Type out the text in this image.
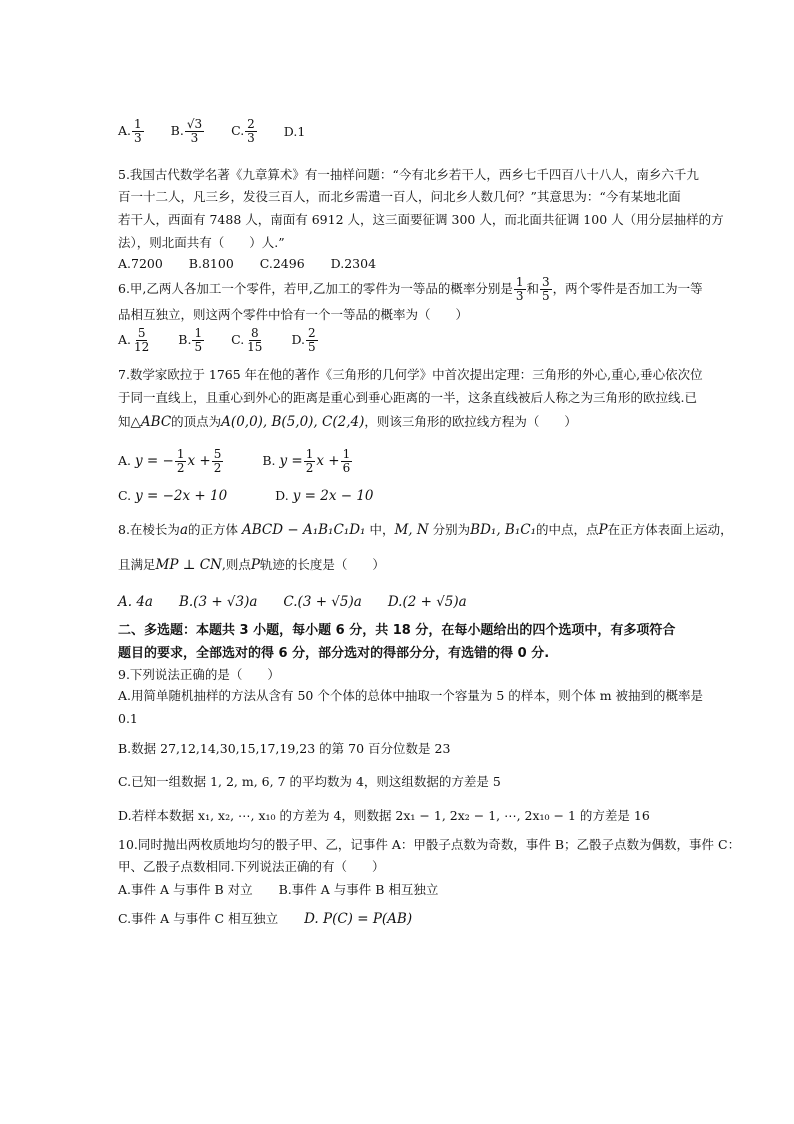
A. $\frac{1}{3} B$. $\frac{√3}{3} C$. $\frac{2}{3} D.1$
5.我国古代数学名著《九章算术》有一抽样问题：“今有北乡若干人，西乡七千四百八十八人，南乡六千九
百一十二人，凡三乡，发役三百人，而北乡需遣一百人，问北乡人数几何？”其意思为：“今有某地北面
若干人，西面有 7488 人，南面有 6912 人，这三面要征调 300 人，而北面共征调 100 人（用分层抽样的方
法），则北面共有（　　）人.”
A.7200 B.8100 C.2496 D.2304
6.甲,乙两人各加工一个零件，若甲,乙加工的零件为一等品的概率分别是 $\frac{1}{3}$ 和 $\frac{3}{5}$ ，两个零件是否加工为一等
品相互独立，则这两个零件中恰有一个一等品的概率为（　　）
A. $\frac{5}{12} B$. $\frac{1}{5} C$. $\frac{8}{15} D$. $\frac{2}{5}$
7.数学家欧拉于 1765 年在他的著作《三角形的几何学》中首次提出定理：三角形的外心,重心,垂心依次位
于同一直线上，且重心到外心的距离是重心到垂心距离的一半，这条直线被后人称之为三角形的欧拉线.已
知△ABC的顶点为A(0,0), B(5,0), C(2,4)，则该三角形的欧拉线方程为（　　）
A. y = − $\frac{1}{2}$ $x + \frac{5}{2}$	B. $y = \frac{1}{2}$ $x + \frac{1}{6}$
C. y = −2x + 10	D. y = 2x − 10
8.在棱长为a的正方体 ABCD − A₁B₁C₁D₁ 中，M, N 分别为BD₁, B₁C₁的中点，点P在正方体表面上运动，
且满足MP ⊥ CN,则点P轨迹的长度是（　　）
A. 4a B.(3 + √3)a C.(3 + √5)a D.(2 + √5)a
二、多选题：本题共 3 小题，每小题 6 分，共 18 分，在每小题给出的四个选项中，有多项符合
题目的要求，全部选对的得 6 分，部分选对的得部分分，有选错的得 0 分.
9.下列说法正确的是（　　）
A.用简单随机抽样的方法从含有 50 个个体的总体中抽取一个容量为 5 的样本，则个体 m 被抽到的概率是
0.1
B.数据 27,12,14,30,15,17,19,23 的第 70 百分位数是 23
C.已知一组数据 1, 2, m, 6, 7 的平均数为 4，则这组数据的方差是 5
D.若样本数据 x₁, x₂, ⋯, x₁₀ 的方差为 4，则数据 2x₁ − 1, 2x₂ − 1, ⋯, 2x₁₀ − 1 的方差是 16
10.同时抛出两枚质地均匀的骰子甲、乙，记事件 A：甲骰子点数为奇数，事件 B；乙骰子点数为偶数，事件 C：
甲、乙骰子点数相同.下列说法正确的有（　　）
A.事件 A 与事件 B 对立 B.事件 A 与事件 B 相互独立
C.事件 A 与事件 C 相互独立 D. P(C) = P(AB)
